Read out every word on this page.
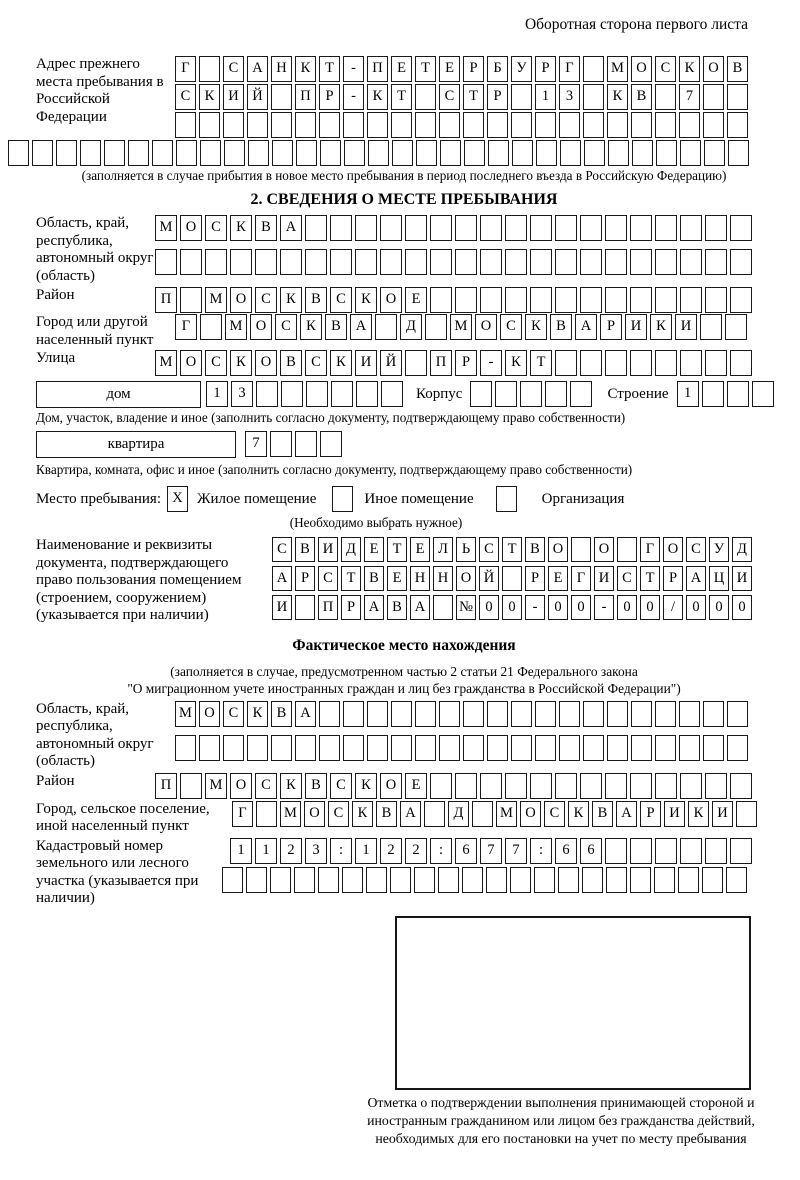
Оборотная сторона первого листа
Адрес прежнего места пребывания в Российской Федерации
Г	С А Н К Т - П Е Т Е Р Б У Р Г	М О С К О В
С К И Й	П Р - К Т	С Т Р	1 3	К В	7
(заполняется в случае прибытия в новое место пребывания в период последнего въезда в Российскую Федерацию)
2. СВЕДЕНИЯ О МЕСТЕ ПРЕБЫВАНИЯ
Область, край, республика, автономный округ (область)
М О С К В А
Район	П	М О С К В С К О Е
Город или другой населенный пункт
Г	М О С К В А	Д	М О С К В А Р И К И
Улица	М О С К О В С К И Й	П Р - К Т
дом	1 3	Корпус	Строение	1
Дом, участок, владение и иное (заполнить согласно документу, подтверждающему право собственности)
квартира	7
Квартира, комната, офис и иное (заполнить согласно документу, подтверждающему право собственности)
Место пребывания: X Жилое помещение	Иное помещение	Организация
(Необходимо выбрать нужное)
Наименование и реквизиты документа, подтверждающего право пользования помещением (строением, сооружением) (указывается при наличии)
С В И Д Е Т Е Л Ь С Т В О О	Г О С У Д
А Р С Т В Е Н Н О Й	Р Е Г И С Т Р А Ц И
И П Р А В А № 0 0 - 0 0 - 0 0 / 0 0 0
Фактическое место нахождения
(заполняется в случае, предусмотренном частью 2 статьи 21 Федерального закона
"О миграционном учете иностранных граждан и лиц без гражданства в Российской Федерации")
Область, край, республика, автономный округ (область)
М О С К В А
Район	П	М О С К В С К О Е
Город, сельское поселение, иной населенный пункт
Г	М О С К В А	Д	М О С К В А Р И К И
Кадастровый номер земельного или лесного участка (указывается при наличии)
1 1 2 3 : 1 2 2 : 6 7 7 : 6 6
Отметка о подтверждении выполнения принимающей стороной и иностранным гражданином или лицом без гражданства действий, необходимых для его постановки на учет по месту пребывания
